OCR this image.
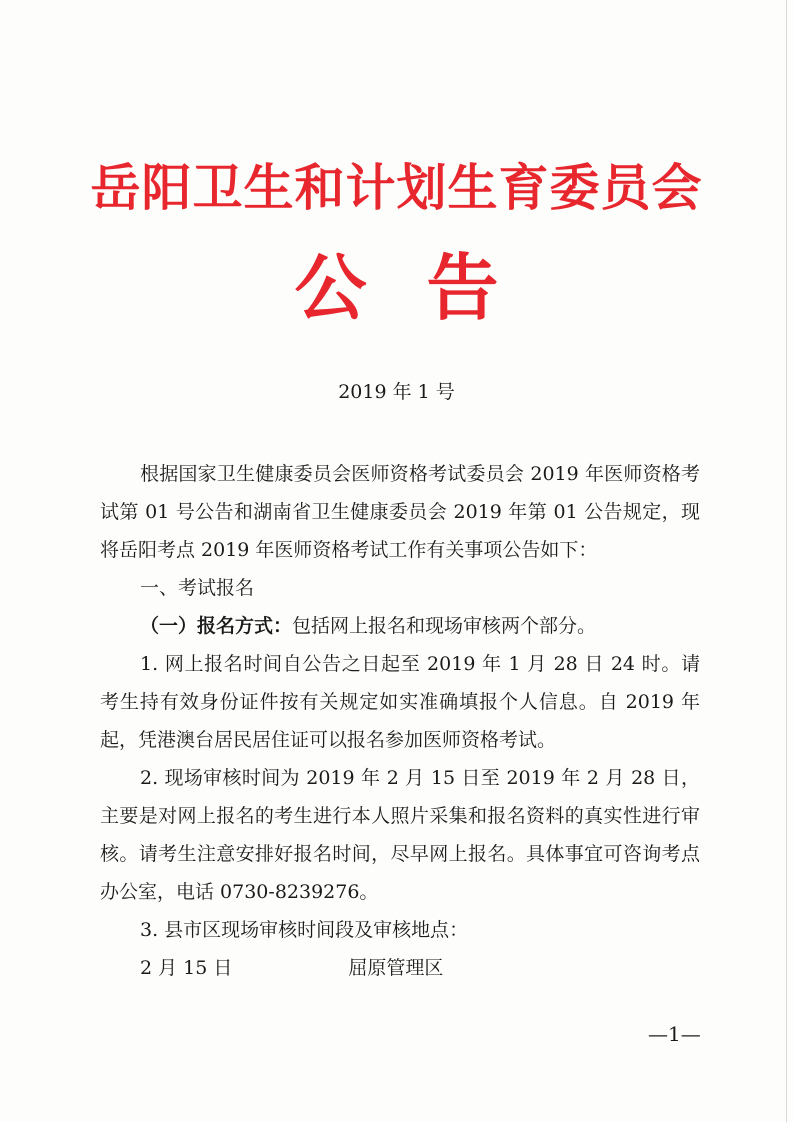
岳阳卫生和计划生育委员会
公告
2019 年 1 号

根据国家卫生健康委员会医师资格考试委员会 2019 年医师资格考试第 01 号公告和湖南省卫生健康委员会 2019 年第 01 公告规定，现将岳阳考点 2019 年医师资格考试工作有关事项公告如下：

一、考试报名

（一）报名方式：包括网上报名和现场审核两个部分。

1. 网上报名时间自公告之日起至 2019 年 1 月 28 日 24 时。请考生持有效身份证件按有关规定如实准确填报个人信息。自 2019 年起，凭港澳台居民居住证可以报名参加医师资格考试。

2. 现场审核时间为 2019 年 2 月 15 日至 2019 年 2 月 28 日，主要是对网上报名的考生进行本人照片采集和报名资料的真实性进行审核。请考生注意安排好报名时间，尽早网上报名。具体事宜可咨询考点办公室，电话 0730-8239276。

3. 县市区现场审核时间段及审核地点：

2 月 15 日	屈原管理区

—1—
